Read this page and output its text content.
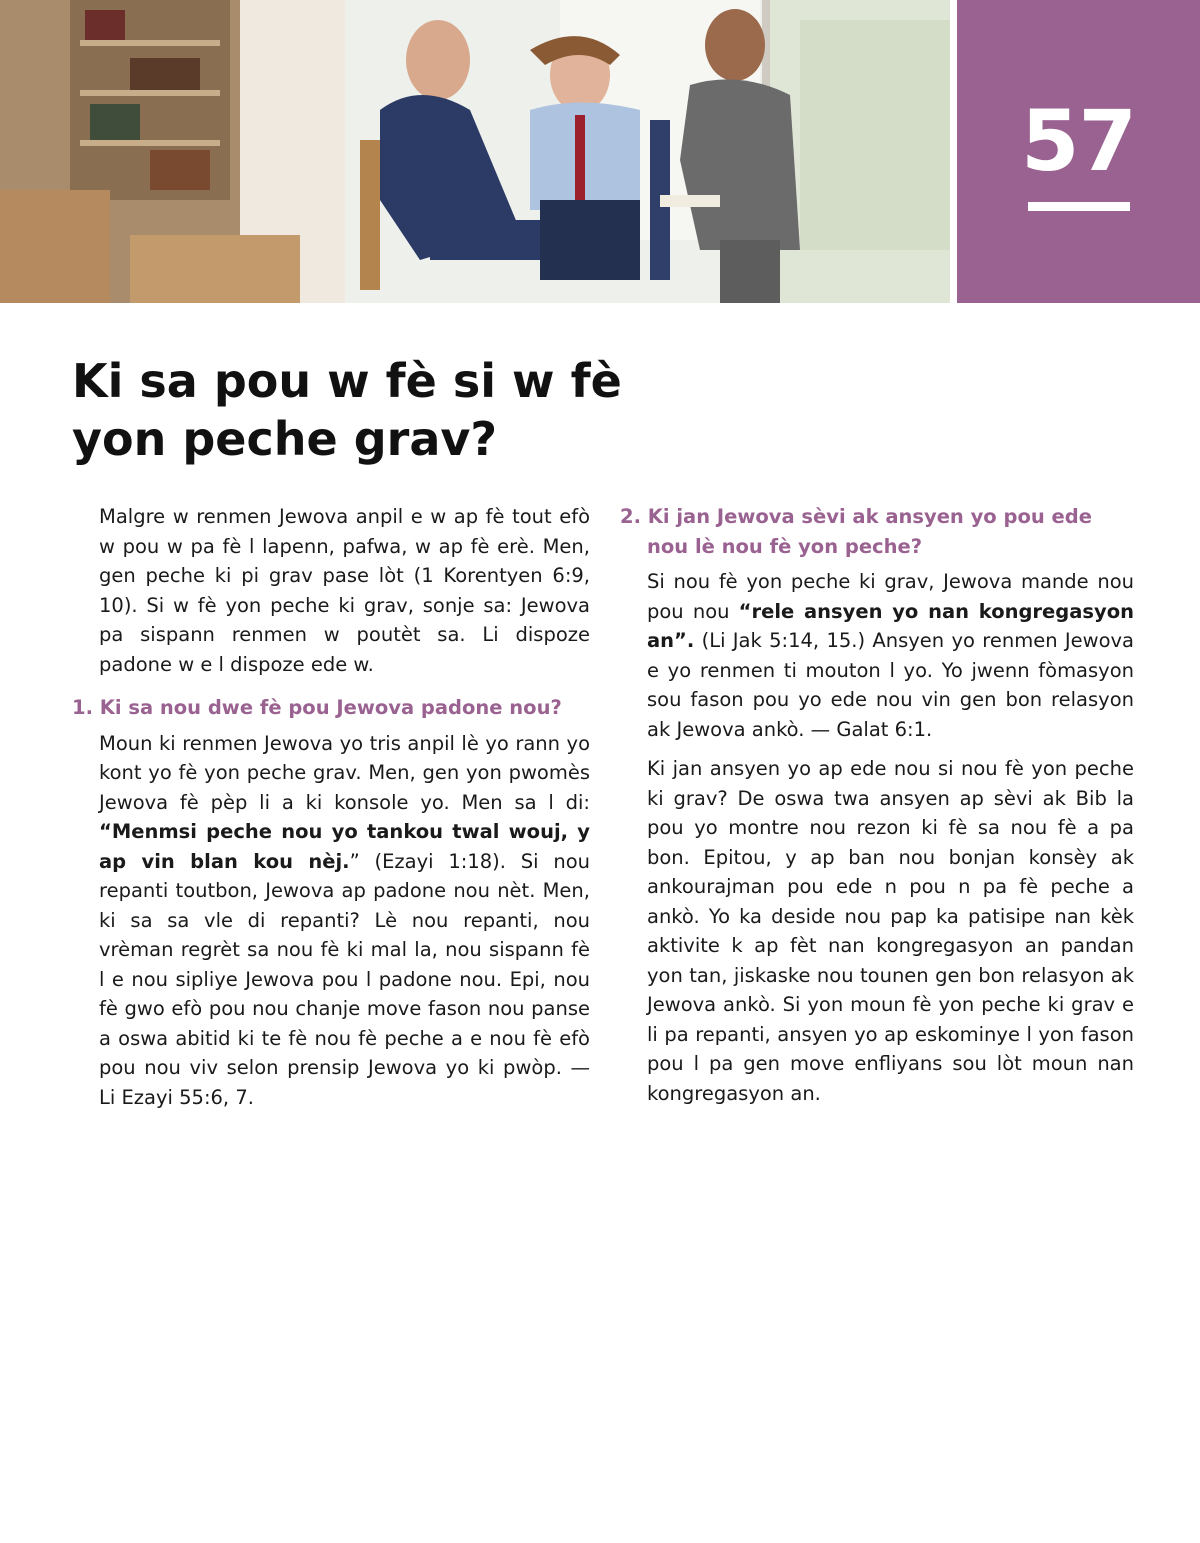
57
Ki sa pou w fè si w fè yon peche grav?

Malgre w renmen Jewova anpil e w ap fè tout efò w pou w pa fè l lapenn, pafwa, w ap fè erè. Men, gen peche ki pi grav pase lòt (1 Korentyen 6:9, 10). Si w fè yon peche ki grav, sonje sa: Jewova pa sispann renmen w poutèt sa. Li dispoze padone w e l dispoze ede w.

1. Ki sa nou dwe fè pou Jewova padone nou?

Moun ki renmen Jewova yo tris anpil lè yo rann yo kont yo fè yon peche grav. Men, gen yon pwomès Jewova fè pèp li a ki konsole yo. Men sa l di: “Menmsi peche nou yo tankou twal wouj, y ap vin blan kou nèj.” (Ezayi 1:18). Si nou repanti toutbon, Jewova ap padone nou nèt. Men, ki sa sa vle di repanti? Lè nou repanti, nou vrèman regrèt sa nou fè ki mal la, nou sispann fè l e nou sipliye Jewova pou l padone nou. Epi, nou fè gwo efò pou nou chanje move fason nou panse a oswa abitid ki te fè nou fè peche a e nou fè efò pou nou viv selon prensip Jewova yo ki pwòp. — Li Ezayi 55:6, 7.

2. Ki jan Jewova sèvi ak ansyen yo pou ede nou lè nou fè yon peche?

Si nou fè yon peche ki grav, Jewova mande nou pou nou “rele ansyen yo nan kongregasyon an”. (Li Jak 5:14, 15.) Ansyen yo renmen Jewova e yo renmen ti mouton l yo. Yo jwenn fòmasyon sou fason pou yo ede nou vin gen bon relasyon ak Jewova ankò. — Galat 6:1.

Ki jan ansyen yo ap ede nou si nou fè yon peche ki grav? De oswa twa ansyen ap sèvi ak Bib la pou yo montre nou rezon ki fè sa nou fè a pa bon. Epitou, y ap ban nou bonjan konsèy ak ankourajman pou ede n pou n pa fè peche a ankò. Yo ka deside nou pap ka patisipe nan kèk aktivite k ap fèt nan kongregasyon an pandan yon tan, jiskaske nou tounen gen bon relasyon ak Jewova ankò. Si yon moun fè yon peche ki grav e li pa repanti, ansyen yo ap eskominye l yon fason pou l pa gen move enfliyans sou lòt moun nan kongregasyon an.
